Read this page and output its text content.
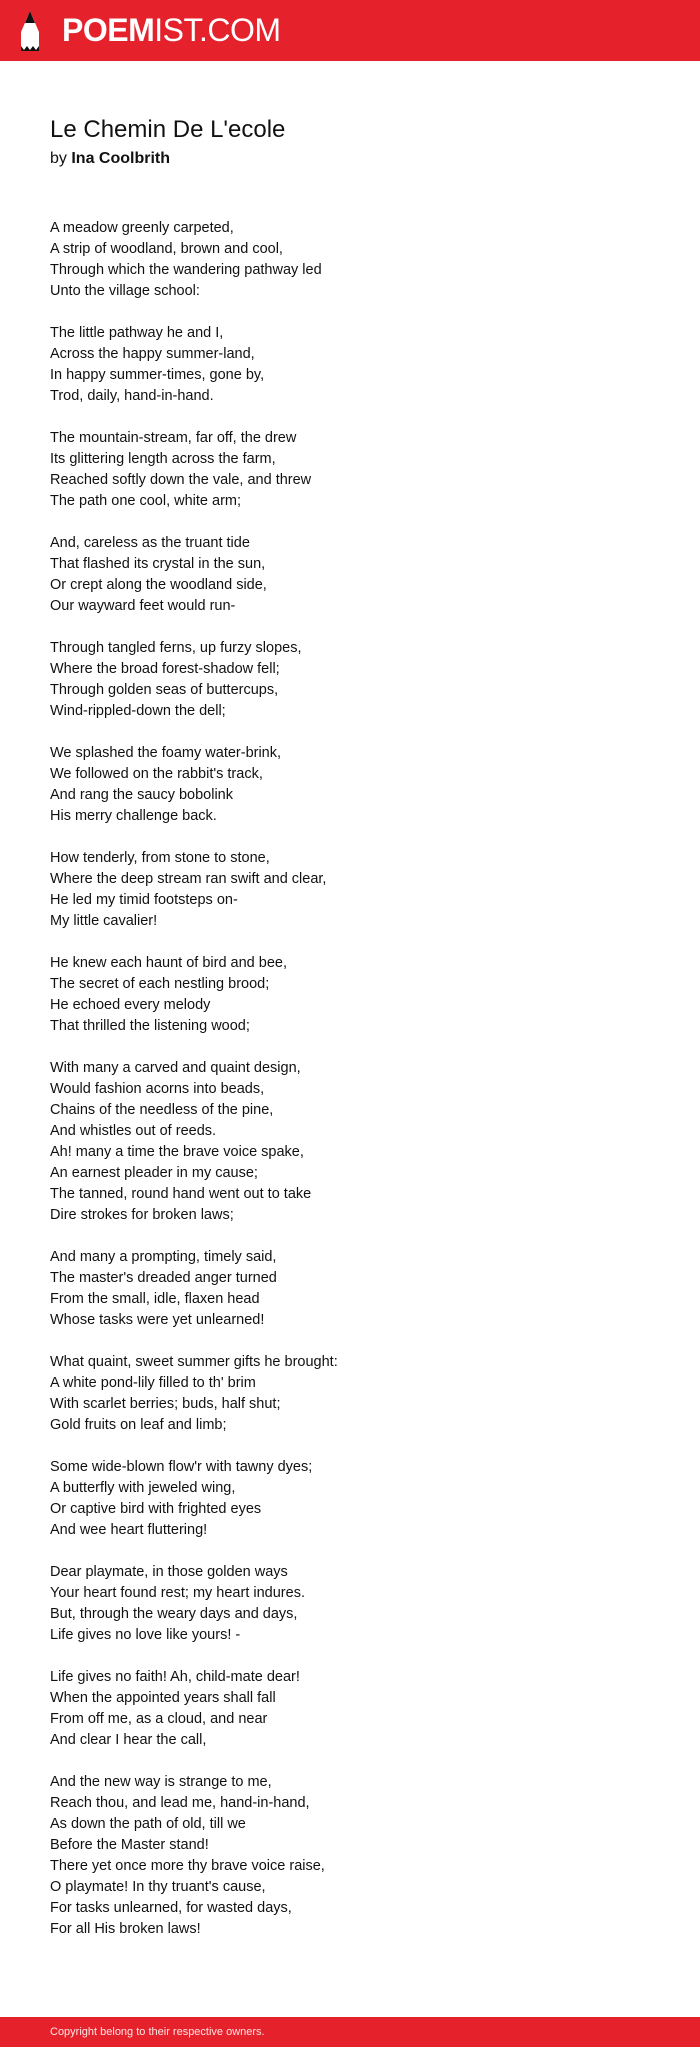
POEMIST.COM
Le Chemin De L'ecole
by Ina Coolbrith
A meadow greenly carpeted,
A strip of woodland, brown and cool,
Through which the wandering pathway led
Unto the village school:
The little pathway he and I,
Across the happy summer-land,
In happy summer-times, gone by,
Trod, daily, hand-in-hand.
The mountain-stream, far off, the drew
Its glittering length across the farm,
Reached softly down the vale, and threw
The path one cool, white arm;
And, careless as the truant tide
That flashed its crystal in the sun,
Or crept along the woodland side,
Our wayward feet would run-
Through tangled ferns, up furzy slopes,
Where the broad forest-shadow fell;
Through golden seas of buttercups,
Wind-rippled-down the dell;
We splashed the foamy water-brink,
We followed on the rabbit's track,
And rang the saucy bobolink
His merry challenge back.
How tenderly, from stone to stone,
Where the deep stream ran swift and clear,
He led my timid footsteps on-
My little cavalier!
He knew each haunt of bird and bee,
The secret of each nestling brood;
He echoed every melody
That thrilled the listening wood;
With many a carved and quaint design,
Would fashion acorns into beads,
Chains of the needless of the pine,
And whistles out of reeds.
Ah! many a time the brave voice spake,
An earnest pleader in my cause;
The tanned, round hand went out to take
Dire strokes for broken laws;
And many a prompting, timely said,
The master's dreaded anger turned
From the small, idle, flaxen head
Whose tasks were yet unlearned!
What quaint, sweet summer gifts he brought:
A white pond-lily filled to th' brim
With scarlet berries; buds, half shut;
Gold fruits on leaf and limb;
Some wide-blown flow'r with tawny dyes;
A butterfly with jeweled wing,
Or captive bird with frighted eyes
And wee heart fluttering!
Dear playmate, in those golden ways
Your heart found rest; my heart indures.
But, through the weary days and days,
Life gives no love like yours! -
Life gives no faith! Ah, child-mate dear!
When the appointed years shall fall
From off me, as a cloud, and near
And clear I hear the call,
And the new way is strange to me,
Reach thou, and lead me, hand-in-hand,
As down the path of old, till we
Before the Master stand!
There yet once more thy brave voice raise,
O playmate! In thy truant's cause,
For tasks unlearned, for wasted days,
For all His broken laws!
Copyright belong to their respective owners.
